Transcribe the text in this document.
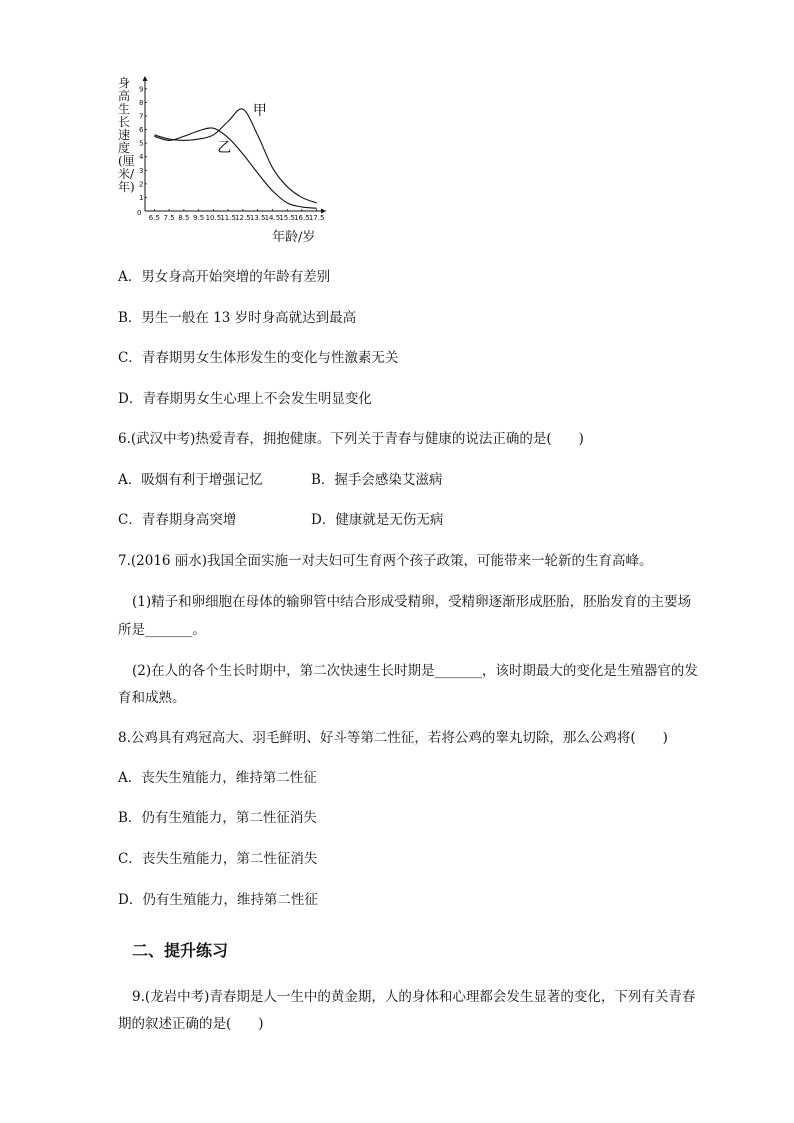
身高生长速度(厘米/年)
0
1
2
3
4
5
6
7
8
9
6.5 7.5 8.5 9.5 10.5 11.5 12.5 13.5 14.5 15.5 16.5 17.5
甲
乙
年龄/岁
A．男女身高开始突增的年龄有差别
B．男生一般在 13 岁时身高就达到最高
C．青春期男女生体形发生的变化与性激素无关
D．青春期男女生心理上不会发生明显变化
6.(武汉中考)热爱青春，拥抱健康。下列关于青春与健康的说法正确的是(　　)
A．吸烟有利于增强记忆	B．握手会感染艾滋病
C．青春期身高突增	D．健康就是无伤无病
7.(2016 丽水)我国全面实施一对夫妇可生育两个孩子政策，可能带来一轮新的生育高峰。
(1)精子和卵细胞在母体的输卵管中结合形成受精卵，受精卵逐渐形成胚胎，胚胎发育的主要场
所是_______。
(2)在人的各个生长时期中，第二次快速生长时期是_______，该时期最大的变化是生殖器官的发
育和成熟。
8.公鸡具有鸡冠高大、羽毛鲜明、好斗等第二性征，若将公鸡的睾丸切除，那么公鸡将(　　)
A．丧失生殖能力，维持第二性征
B．仍有生殖能力，第二性征消失
C．丧失生殖能力，第二性征消失
D．仍有生殖能力，维持第二性征
二、提升练习
9.(龙岩中考)青春期是人一生中的黄金期，人的身体和心理都会发生显著的变化，下列有关青春
期的叙述正确的是(　　)
